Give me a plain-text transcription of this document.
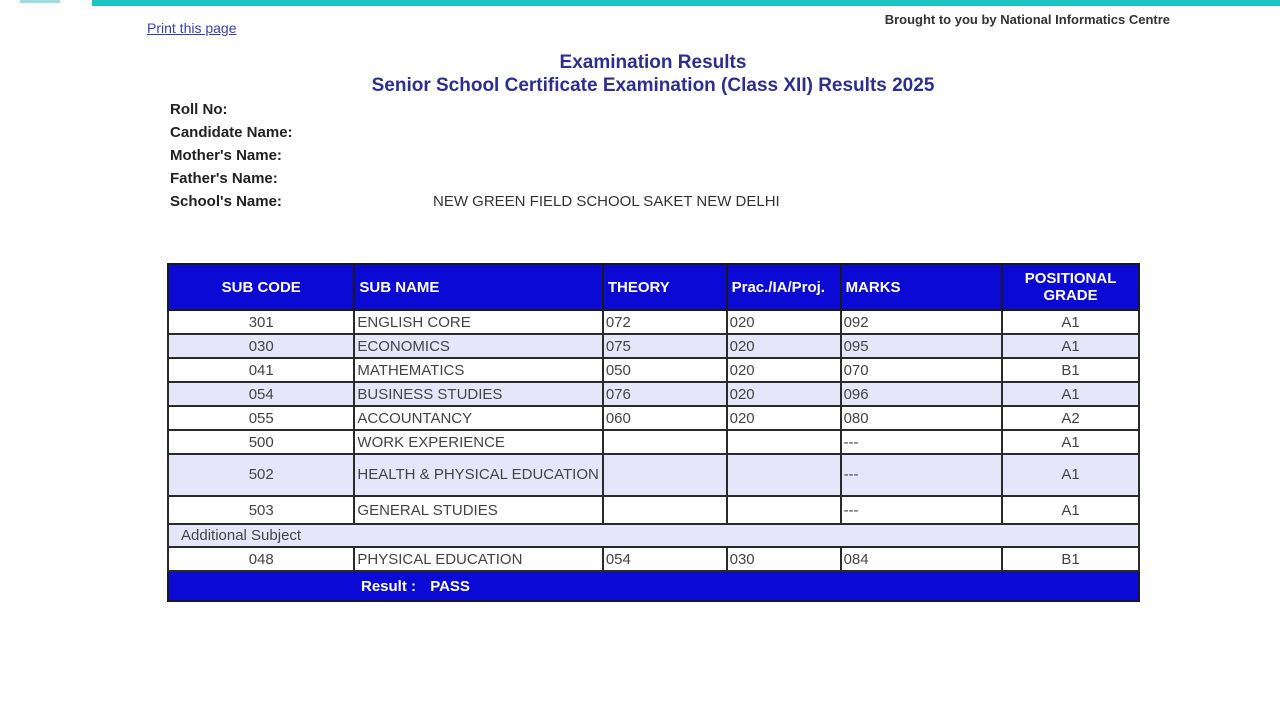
Print this page
Brought to you by National Informatics Centre
Examination Results
Senior School Certificate Examination (Class XII) Results 2025
Roll No:
Candidate Name:
Mother's Name:
Father's Name:
School's Name:	NEW GREEN FIELD SCHOOL SAKET NEW DELHI
SUB CODE	SUB NAME	THEORY	Prac./IA/Proj.	MARKS	POSITIONAL
GRADE

301	ENGLISH CORE	072	020	092	A1
030	ECONOMICS	075	020	095	A1
041	MATHEMATICS	050	020	070	B1
054	BUSINESS STUDIES	076	020	096	A1
055	ACCOUNTANCY	060	020	080	A2
500	WORK EXPERIENCE			---	A1
502	HEALTH & PHYSICAL EDUCATION			---	A1
503	GENERAL STUDIES			---	A1
Additional Subject					
048	PHYSICAL EDUCATION	054	030	084	B1

Result : PASS					
